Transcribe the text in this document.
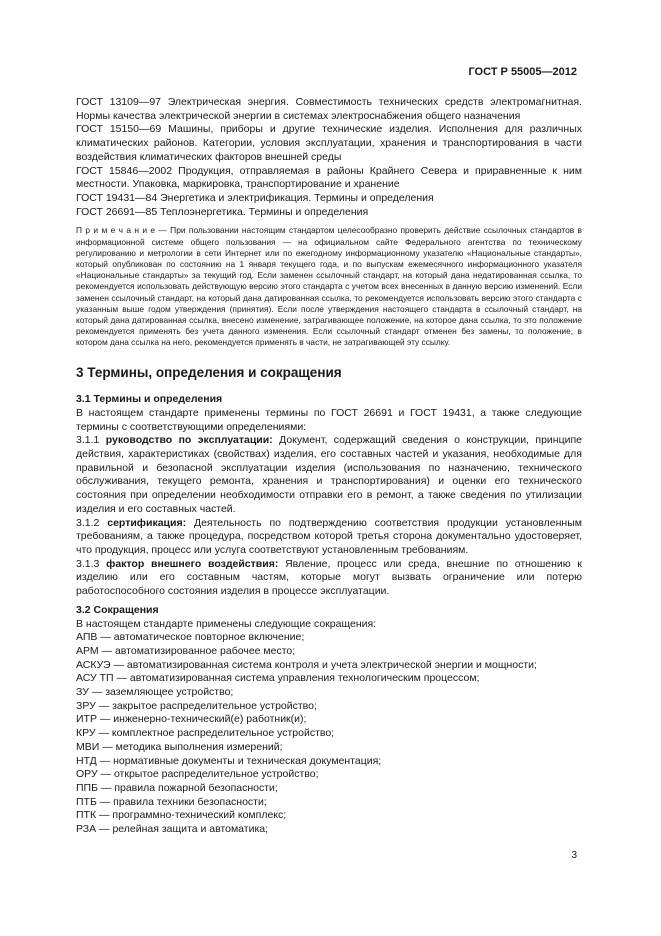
ГОСТ Р 55005—2012

ГОСТ 13109—97 Электрическая энергия. Совместимость технических средств электромагнитная. Нормы качества электрической энергии в системах электроснабжения общего назначения

ГОСТ 15150—69 Машины, приборы и другие технические изделия. Исполнения для различных климатических районов. Категории, условия эксплуатации, хранения и транспортирования в части воздействия климатических факторов внешней среды

ГОСТ 15846—2002 Продукция, отправляемая в районы Крайнего Севера и приравненные к ним местности. Упаковка, маркировка, транспортирование и хранение

ГОСТ 19431—84 Энергетика и электрификация. Термины и определения

ГОСТ 26691—85 Теплоэнергетика. Термины и определения

П р и м е ч а н и е — При пользовании настоящим стандартом целесообразно проверить действие ссылочных стандартов в информационной системе общего пользования — на официальном сайте Федерального агентства по техническому регулированию и метрологии в сети Интернет или по ежегодному информационному указателю «Национальные стандарты», который опубликован по состоянию на 1 января текущего года, и по выпускам ежемесячного информационного указателя «Национальные стандарты» за текущий год. Если заменен ссылочный стандарт, на который дана недатированная ссылка, то рекомендуется использовать действующую версию этого стандарта с учетом всех внесенных в данную версию изменений. Если заменен ссылочный стандарт, на который дана датированная ссылка, то рекомендуется использовать версию этого стандарта с указанным выше годом утверждения (принятия). Если после утверждения настоящего стандарта в ссылочный стандарт, на который дана датированная ссылка, внесено изменение, затрагивающее положение, на которое дана ссылка, то это положение рекомендуется применять без учета данного изменения. Если ссылочный стандарт отменен без замены, то положение, в котором дана ссылка на него, рекомендуется применять в части, не затрагивающей эту ссылку.

3 Термины, определения и сокращения

3.1 Термины и определения

В настоящем стандарте применены термины по ГОСТ 26691 и ГОСТ 19431, а также следующие термины с соответствующими определениями:

3.1.1 руководство по эксплуатации: Документ, содержащий сведения о конструкции, принципе действия, характеристиках (свойствах) изделия, его составных частей и указания, необходимые для правильной и безопасной эксплуатации изделия (использования по назначению, технического обслуживания, текущего ремонта, хранения и транспортирования) и оценки его технического состояния при определении необходимости отправки его в ремонт, а также сведения по утилизации изделия и его составных частей.

3.1.2 сертификация: Деятельность по подтверждению соответствия продукции установленным требованиям, а также процедура, посредством которой третья сторона документально удостоверяет, что продукция, процесс или услуга соответствуют установленным требованиям.

3.1.3 фактор внешнего воздействия: Явление, процесс или среда, внешние по отношению к изделию или его составным частям, которые могут вызвать ограничение или потерю работоспособного состояния изделия в процессе эксплуатации.

3.2 Сокращения

В настоящем стандарте применены следующие сокращения:

АПВ — автоматическое повторное включение;

АРМ — автоматизированное рабочее место;

АСКУЭ — автоматизированная система контроля и учета электрической энергии и мощности;

АСУ ТП — автоматизированная система управления технологическим процессом;

ЗУ — заземляющее устройство;

ЗРУ — закрытое распределительное устройство;

ИТР — инженерно-технический(е) работник(и);

КРУ — комплектное распределительное устройство;

МВИ — методика выполнения измерений;

НТД — нормативные документы и техническая документация;

ОРУ — открытое распределительное устройство;

ППБ — правила пожарной безопасности;

ПТБ — правила техники безопасности;

ПТК — программно-технический комплекс;

РЗА — релейная защита и автоматика;

3
